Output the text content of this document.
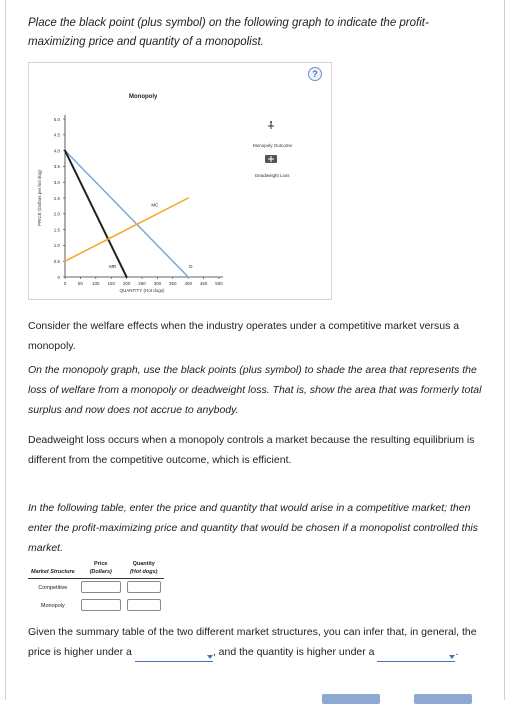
Place the black point (plus symbol) on the following graph to indicate the profit-maximizing price and quantity of a monopolist.
?
Monopoly
0
0.5
1.0
1.5
2.0
2.5
3.0
3.5
4.0
4.5
5.0
0	50 100 150 200 250 300 350 400 450 500
QUANTITY (Hot dogs)
PRICE (Dollars per hot dog)
D
MR
MC
Monopoly Outcome
Deadweight Loss
Consider the welfare effects when the industry operates under a competitive market versus a monopoly.
On the monopoly graph, use the black points (plus symbol) to shade the area that represents the loss of welfare from a monopoly or deadweight loss. That is, show the area that was formerly total surplus and now does not accrue to anybody.
Deadweight loss occurs when a monopoly controls a market because the resulting equilibrium is different from the competitive outcome, which is efficient.
In the following table, enter the price and quantity that would arise in a competitive market; then enter the profit-maximizing price and quantity that would be chosen if a monopolist controlled this market.
	Price	Quantity
Market Structure	(Dollars)	(Hot dogs)
Competitive		
Monopoly		
Given the summary table of the two different market structures, you can infer that, in general, the price is higher under a	, and the quantity is higher under a	.
